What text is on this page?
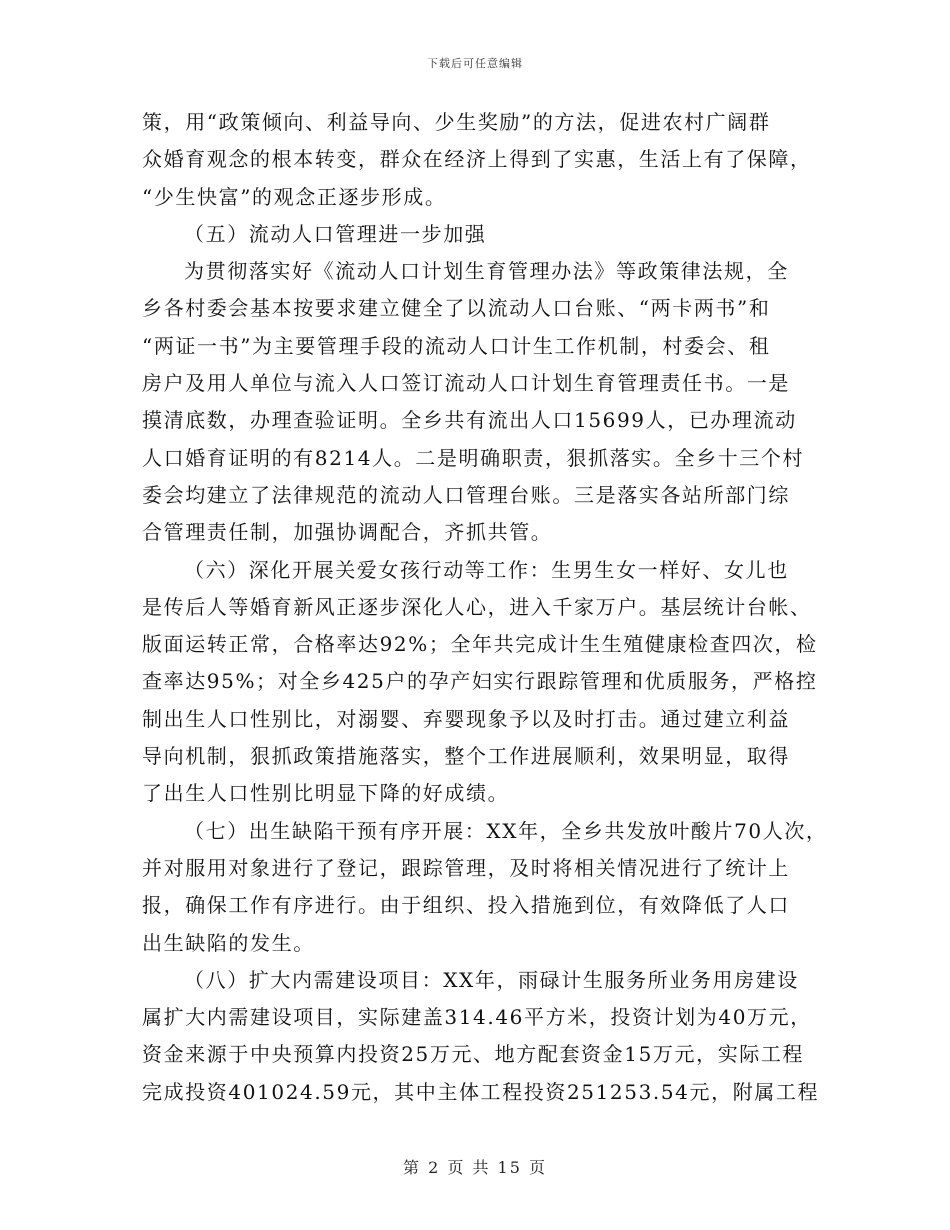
下载后可任意编辑
策，用“政策倾向、利益导向、少生奖励”的方法，促进农村广阔群
众婚育观念的根本转变，群众在经济上得到了实惠，生活上有了保障，
“少生快富”的观念正逐步形成。
（五）流动人口管理进一步加强
为贯彻落实好《流动人口计划生育管理办法》等政策律法规，全
乡各村委会基本按要求建立健全了以流动人口台账、“两卡两书”和
“两证一书”为主要管理手段的流动人口计生工作机制，村委会、租
房户及用人单位与流入人口签订流动人口计划生育管理责任书。一是
摸清底数，办理查验证明。全乡共有流出人口15699人，已办理流动
人口婚育证明的有8214人。二是明确职责，狠抓落实。全乡十三个村
委会均建立了法律规范的流动人口管理台账。三是落实各站所部门综
合管理责任制，加强协调配合，齐抓共管。
（六）深化开展关爱女孩行动等工作：生男生女一样好、女儿也
是传后人等婚育新风正逐步深化人心，进入千家万户。基层统计台帐、
版面运转正常，合格率达92%；全年共完成计生生殖健康检查四次，检
查率达95%；对全乡425户的孕产妇实行跟踪管理和优质服务，严格控
制出生人口性别比，对溺婴、弃婴现象予以及时打击。通过建立利益
导向机制，狠抓政策措施落实，整个工作进展顺利，效果明显，取得
了出生人口性别比明显下降的好成绩。
（七）出生缺陷干预有序开展：XX年，全乡共发放叶酸片70人次，
并对服用对象进行了登记，跟踪管理，及时将相关情况进行了统计上
报，确保工作有序进行。由于组织、投入措施到位，有效降低了人口
出生缺陷的发生。
（八）扩大内需建设项目：XX年，雨碌计生服务所业务用房建设
属扩大内需建设项目，实际建盖314.46平方米，投资计划为40万元，
资金来源于中央预算内投资25万元、地方配套资金15万元，实际工程
完成投资401024.59元，其中主体工程投资251253.54元，附属工程
第 2 页 共 15 页
